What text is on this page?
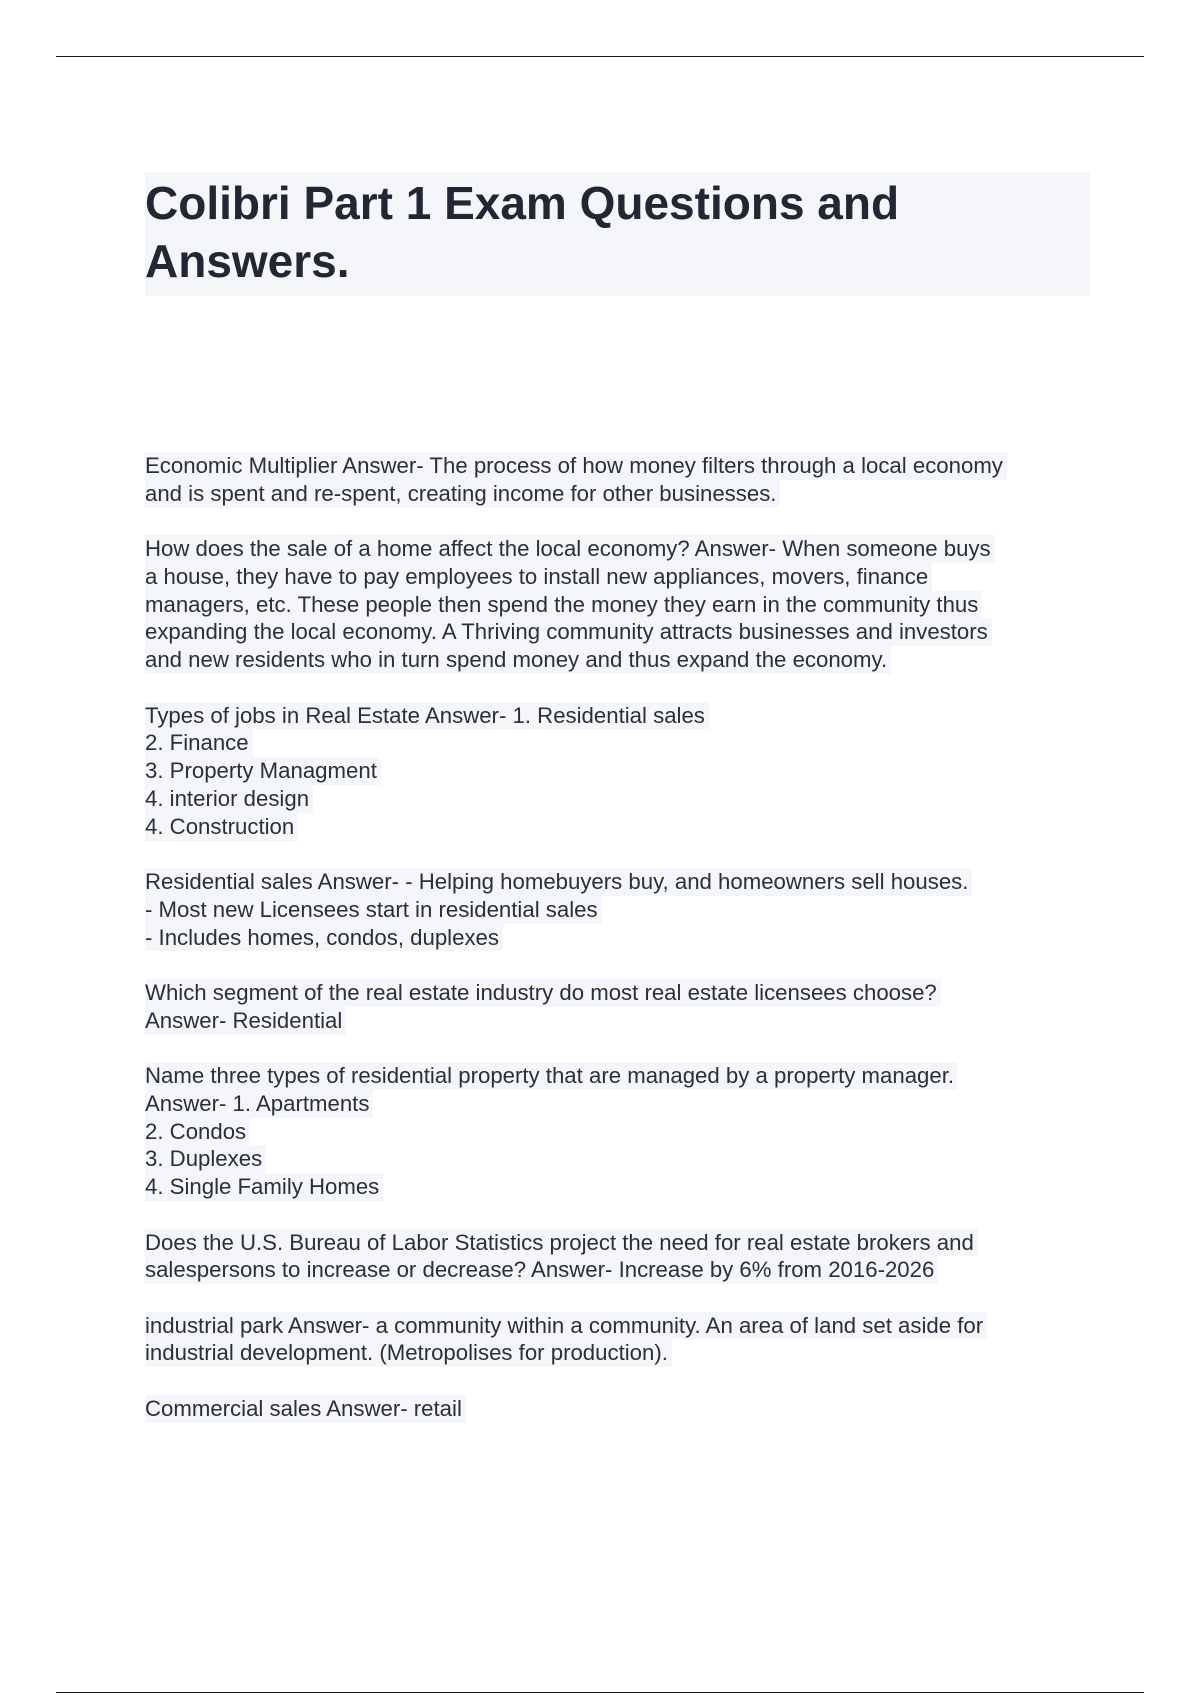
Colibri Part 1 Exam Questions and
Answers.
Economic Multiplier Answer- The process of how money filters through a local economy
and is spent and re-spent, creating income for other businesses.
How does the sale of a home affect the local economy? Answer- When someone buys
a house, they have to pay employees to install new appliances, movers, finance
managers, etc. These people then spend the money they earn in the community thus
expanding the local economy. A Thriving community attracts businesses and investors
and new residents who in turn spend money and thus expand the economy.
Types of jobs in Real Estate Answer- 1. Residential sales
2. Finance
3. Property Managment
4. interior design
4. Construction
Residential sales Answer- - Helping homebuyers buy, and homeowners sell houses.
- Most new Licensees start in residential sales
- Includes homes, condos, duplexes
Which segment of the real estate industry do most real estate licensees choose?
Answer- Residential
Name three types of residential property that are managed by a property manager.
Answer- 1. Apartments
2. Condos
3. Duplexes
4. Single Family Homes
Does the U.S. Bureau of Labor Statistics project the need for real estate brokers and
salespersons to increase or decrease? Answer- Increase by 6% from 2016-2026
industrial park Answer- a community within a community. An area of land set aside for
industrial development. (Metropolises for production).
Commercial sales Answer- retail
